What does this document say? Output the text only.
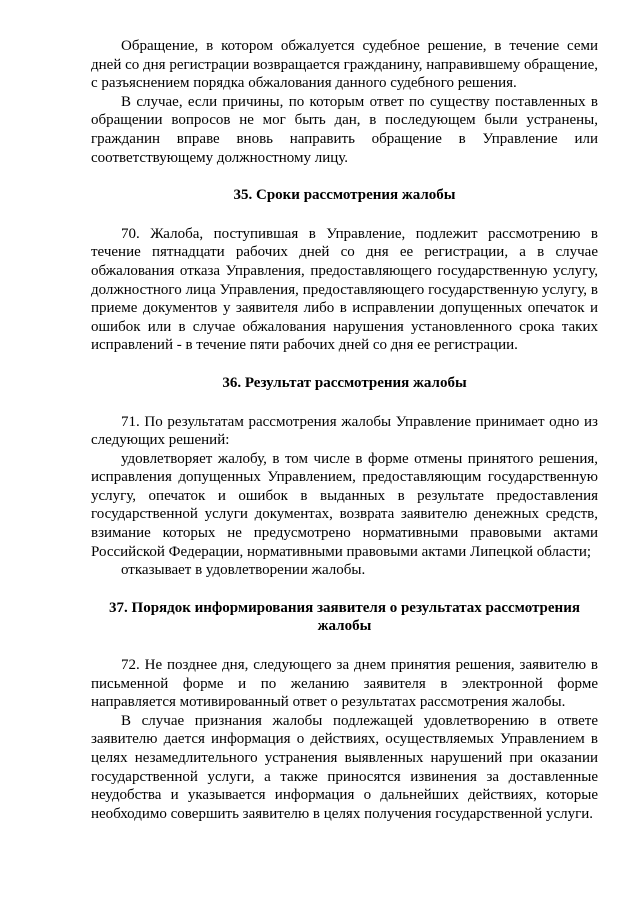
Обращение, в котором обжалуется судебное решение, в течение семи дней со дня регистрации возвращается гражданину, направившему обращение, с разъяснением порядка обжалования данного судебного решения.

В случае, если причины, по которым ответ по существу поставленных в обращении вопросов не мог быть дан, в последующем были устранены, гражданин вправе вновь направить обращение в Управление или соответствующему должностному лицу.

35. Сроки рассмотрения жалобы

70. Жалоба, поступившая в Управление, подлежит рассмотрению в течение пятнадцати рабочих дней со дня ее регистрации, а в случае обжалования отказа Управления, предоставляющего государственную услугу, должностного лица Управления, предоставляющего государственную услугу, в приеме документов у заявителя либо в исправлении допущенных опечаток и ошибок или в случае обжалования нарушения установленного срока таких исправлений - в течение пяти рабочих дней со дня ее регистрации.

36. Результат рассмотрения жалобы

71. По результатам рассмотрения жалобы Управление принимает одно из следующих решений:

удовлетворяет жалобу, в том числе в форме отмены принятого решения, исправления допущенных Управлением, предоставляющим государственную услугу, опечаток и ошибок в выданных в результате предоставления государственной услуги документах, возврата заявителю денежных средств, взимание которых не предусмотрено нормативными правовыми актами Российской Федерации, нормативными правовыми актами Липецкой области;

отказывает в удовлетворении жалобы.

37. Порядок информирования заявителя о результатах рассмотрения жалобы

72. Не позднее дня, следующего за днем принятия решения, заявителю в письменной форме и по желанию заявителя в электронной форме направляется мотивированный ответ о результатах рассмотрения жалобы.

В случае признания жалобы подлежащей удовлетворению в ответе заявителю дается информация о действиях, осуществляемых Управлением в целях незамедлительного устранения выявленных нарушений при оказании государственной услуги, а также приносятся извинения за доставленные неудобства и указывается информация о дальнейших действиях, которые необходимо совершить заявителю в целях получения государственной услуги.
